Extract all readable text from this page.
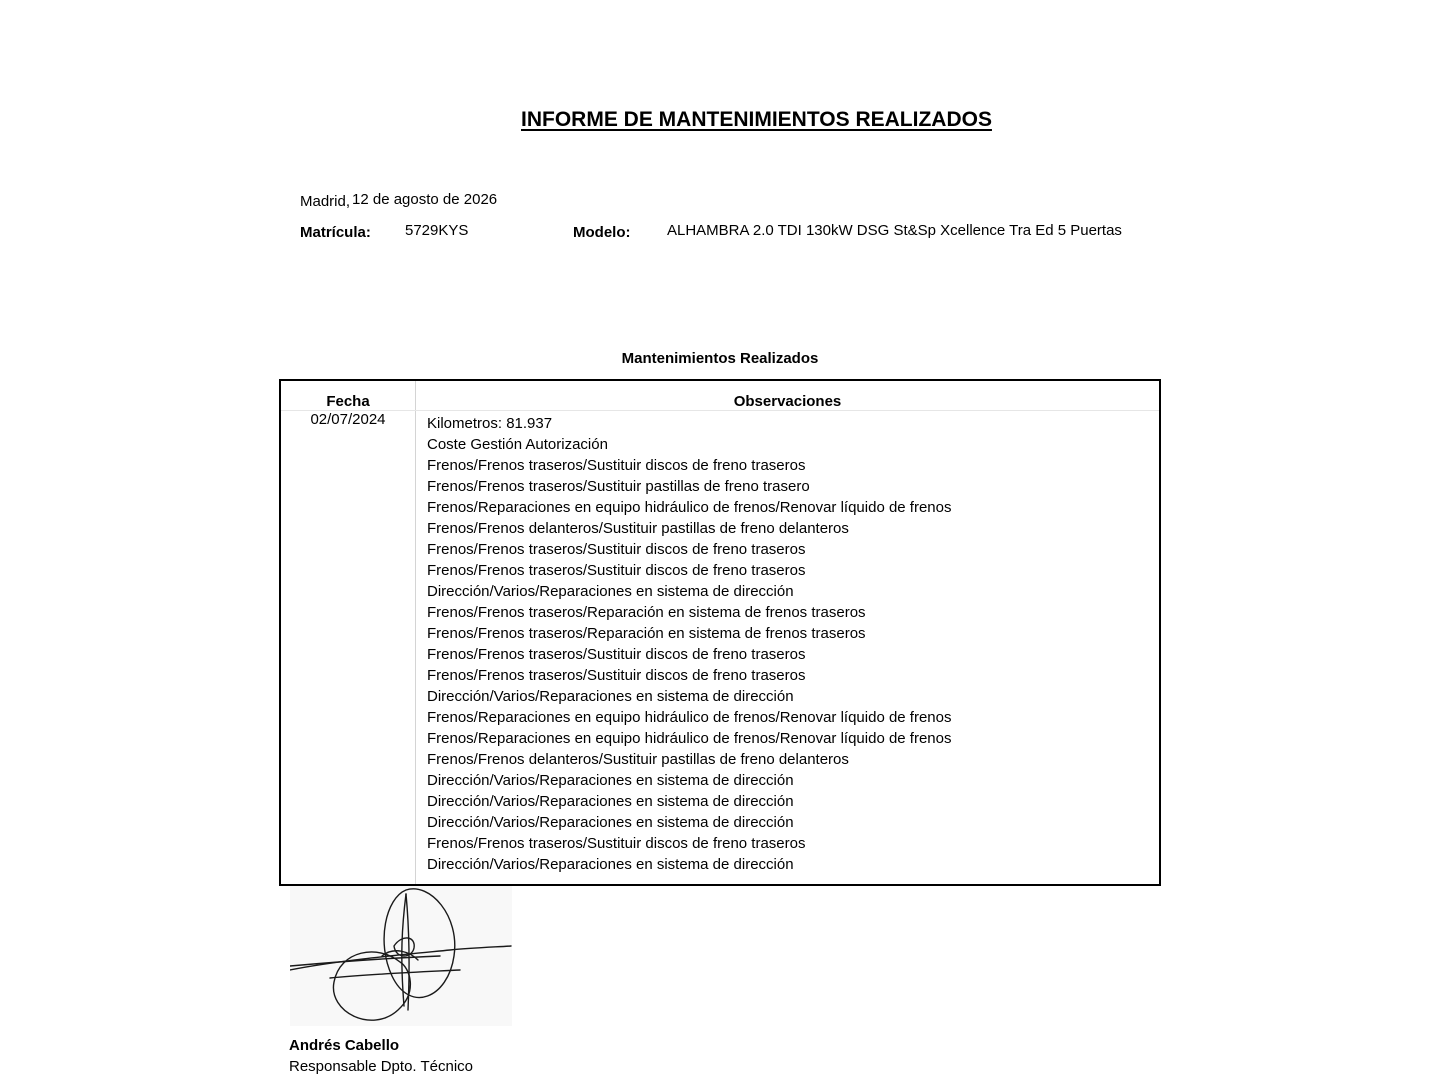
INFORME DE MANTENIMIENTOS REALIZADOS
Madrid, 12 de agosto de 2026
Matrícula: 5729KYS	Modelo: ALHAMBRA 2.0 TDI 130kW DSG St&Sp Xcellence Tra Ed 5 Puertas
Mantenimientos Realizados
Fecha	Observaciones
02/07/2024	Kilometros: 81.937
Coste Gestión Autorización
Frenos/Frenos traseros/Sustituir discos de freno traseros
Frenos/Frenos traseros/Sustituir pastillas de freno trasero
Frenos/Reparaciones en equipo hidráulico de frenos/Renovar líquido de frenos
Frenos/Frenos delanteros/Sustituir pastillas de freno delanteros
Frenos/Frenos traseros/Sustituir discos de freno traseros
Frenos/Frenos traseros/Sustituir discos de freno traseros
Dirección/Varios/Reparaciones en sistema de dirección
Frenos/Frenos traseros/Reparación en sistema de frenos traseros
Frenos/Frenos traseros/Reparación en sistema de frenos traseros
Frenos/Frenos traseros/Sustituir discos de freno traseros
Frenos/Frenos traseros/Sustituir discos de freno traseros
Dirección/Varios/Reparaciones en sistema de dirección
Frenos/Reparaciones en equipo hidráulico de frenos/Renovar líquido de frenos
Frenos/Reparaciones en equipo hidráulico de frenos/Renovar líquido de frenos
Frenos/Frenos delanteros/Sustituir pastillas de freno delanteros
Dirección/Varios/Reparaciones en sistema de dirección
Dirección/Varios/Reparaciones en sistema de dirección
Dirección/Varios/Reparaciones en sistema de dirección
Frenos/Frenos traseros/Sustituir discos de freno traseros
Dirección/Varios/Reparaciones en sistema de dirección
Andrés Cabello
Responsable Dpto. Técnico
